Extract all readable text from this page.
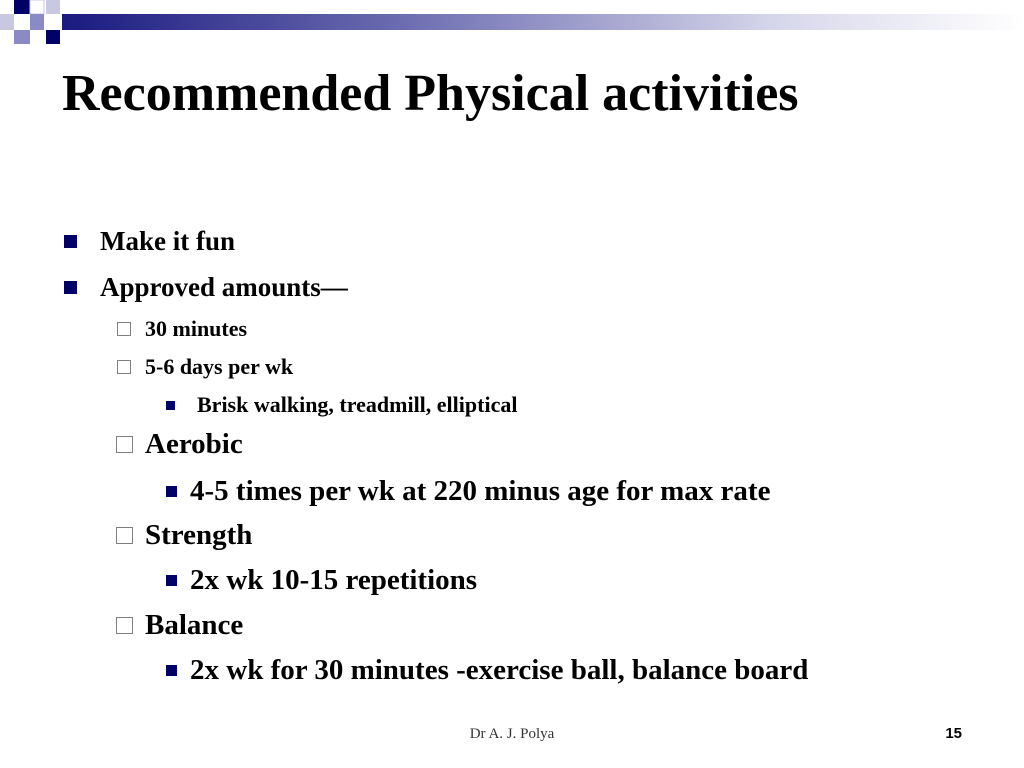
Recommended Physical activities
Make it fun
Approved amounts—
30 minutes
5-6 days per wk
Brisk walking, treadmill, elliptical
Aerobic
4-5 times per wk at 220 minus age for max rate
Strength
2x wk 10-15 repetitions
Balance
2x wk for 30 minutes -exercise ball, balance board
Dr A. J. Polya	15
